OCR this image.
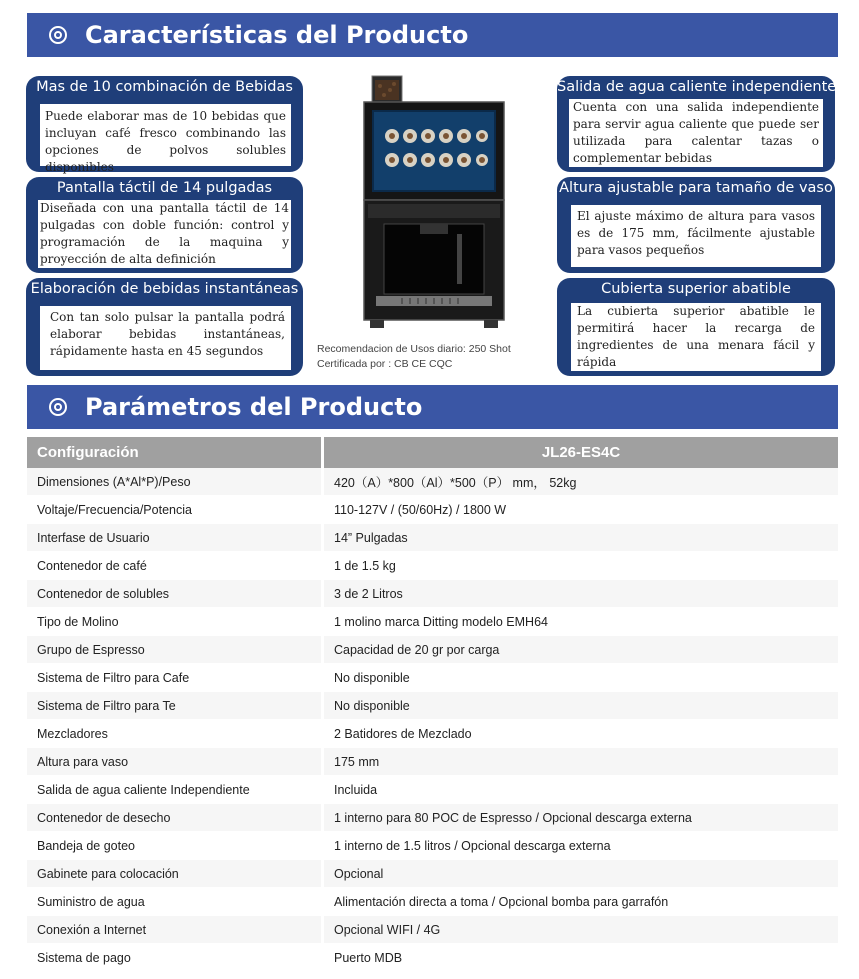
Características del Producto
Mas de 10 combinación de Bebidas
Puede elaborar mas de 10 bebidas que incluyan café fresco combinando las opciones de polvos solubles disponibles
Pantalla táctil de 14 pulgadas
Diseñada con una pantalla táctil de 14 pulgadas con doble función: control y programación de la maquina y proyección de alta definición
Elaboración de bebidas instantáneas
Con tan solo pulsar la pantalla podrá elaborar bebidas instantáneas, rápidamente hasta en 45 segundos
Salida de agua caliente independiente
Cuenta con una salida independiente para servir agua caliente que puede ser utilizada para calentar tazas o complementar bebidas
Altura ajustable para tamaño de vaso
El ajuste máximo de altura para vasos es de 175 mm, fácilmente ajustable para vasos pequeños
Cubierta superior abatible
La cubierta superior abatible le permitirá hacer la recarga de ingredientes de una menara fácil y rápida
Recomendacion de Usos diario: 250 Shot
Certificada por : CB CE CQC
Parámetros del Producto
Configuración	JL26-ES4C
Dimensiones (A*Al*P)/Peso	420（A）*800（Al）*500（P） mm， 52kg
Voltaje/Frecuencia/Potencia	110-127V / (50/60Hz) / 1800 W
Interfase de Usuario	14” Pulgadas
Contenedor de café	1 de 1.5 kg
Contenedor de solubles	3 de 2 Litros
Tipo de Molino	1 molino marca Ditting modelo EMH64
Grupo de Espresso	Capacidad de 20 gr por carga
Sistema de Filtro para Cafe	No disponible
Sistema de Filtro para Te	No disponible
Mezcladores	2 Batidores de Mezclado
Altura para vaso	175 mm
Salida de agua caliente Independiente	Incluida
Contenedor de desecho	1 interno para 80 POC de Espresso / Opcional descarga externa
Bandeja de goteo	1 interno de 1.5 litros / Opcional descarga externa
Gabinete para colocación	Opcional
Suministro de agua	Alimentación directa a toma / Opcional bomba para garrafón
Conexión a Internet	Opcional WIFI / 4G
Sistema de pago	Puerto MDB
